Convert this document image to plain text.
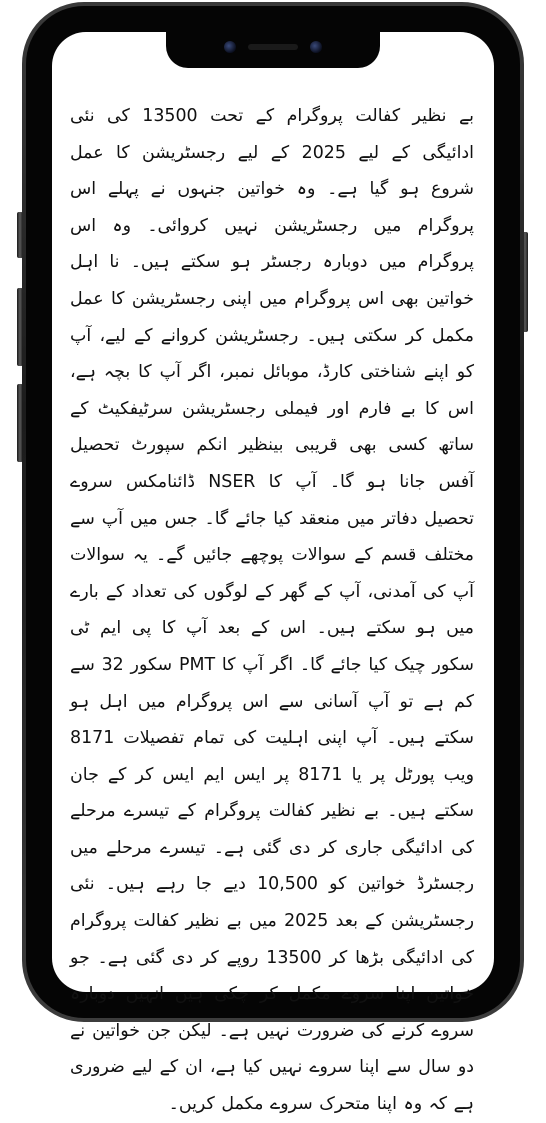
بے نظیر کفالت پروگرام کے تحت 13500 کی نئی ادائیگی کے لیے 2025 کے لیے رجسٹریشن کا عمل شروع ہو گیا ہے۔ وہ خواتین جنہوں نے پہلے اس پروگرام میں رجسٹریشن نہیں کروائی۔ وہ اس پروگرام میں دوبارہ رجسٹر ہو سکتے ہیں۔ نا اہل خواتین بھی اس پروگرام میں اپنی رجسٹریشن کا عمل مکمل کر سکتی ہیں۔ رجسٹریشن کروانے کے لیے، آپ کو اپنے شناختی کارڈ، موبائل نمبر، اگر آپ کا بچہ ہے، اس کا بے فارم اور فیملی رجسٹریشن سرٹیفکیٹ کے ساتھ کسی بھی قریبی بینظیر انکم سپورٹ تحصیل آفس جانا ہو گا۔ آپ کا NSER ڈائنامکس سروے تحصیل دفاتر میں منعقد کیا جائے گا۔ جس میں آپ سے مختلف قسم کے سوالات پوچھے جائیں گے۔ یہ سوالات آپ کی آمدنی، آپ کے گھر کے لوگوں کی تعداد کے بارے میں ہو سکتے ہیں۔ اس کے بعد آپ کا پی ایم ٹی سکور چیک کیا جائے گا۔ اگر آپ کا PMT سکور 32 سے کم ہے تو آپ آسانی سے اس پروگرام میں اہل ہو سکتے ہیں۔ آپ اپنی اہلیت کی تمام تفصیلات 8171 ویب پورٹل پر یا 8171 پر ایس ایم ایس کر کے جان سکتے ہیں۔ بے نظیر کفالت پروگرام کے تیسرے مرحلے کی ادائیگی جاری کر دی گئی ہے۔ تیسرے مرحلے میں رجسٹرڈ خواتین کو 10,500 دیے جا رہے ہیں۔ نئی رجسٹریشن کے بعد 2025 میں بے نظیر کفالت پروگرام کی ادائیگی بڑھا کر 13500 روپے کر دی گئی ہے۔ جو خواتین اپنا سروے مکمل کر چکی ہیں انہیں دوبارہ سروے کرنے کی ضرورت نہیں ہے۔ لیکن جن خواتین نے دو سال سے اپنا سروے نہیں کیا ہے، ان کے لیے ضروری ہے کہ وہ اپنا متحرک سروے مکمل کریں۔
